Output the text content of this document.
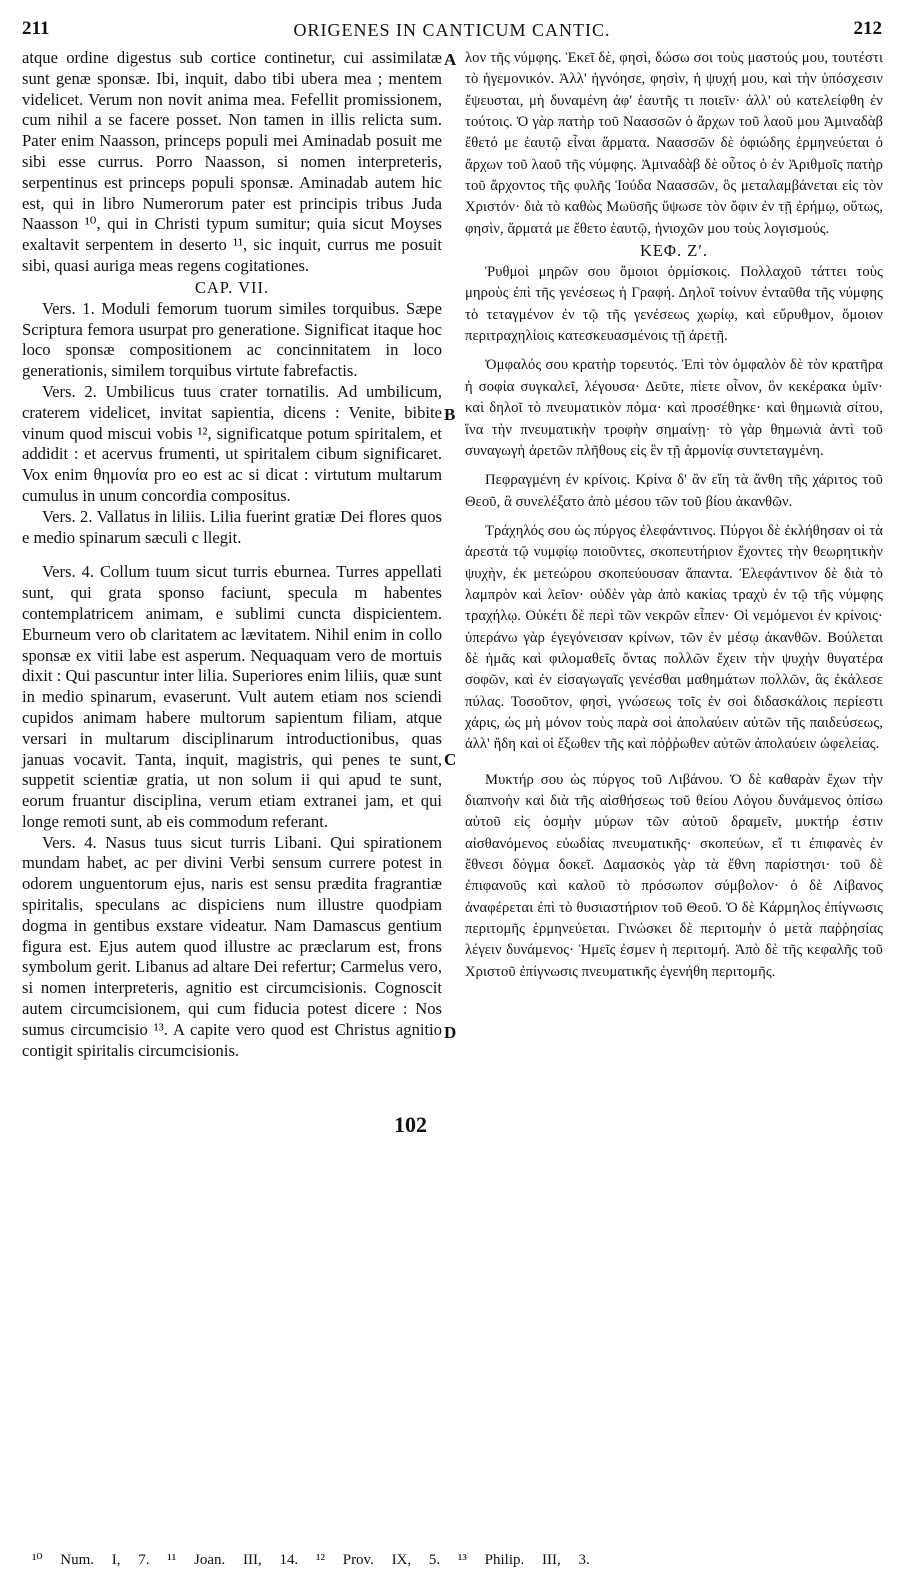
211	ORIGENES IN CANTICUM CANTIC.	212

atque ordine digestus sub cortice continetur, cui assimilatæ sunt genæ sponsæ. Ibi, inquit, dabo tibi ubera mea ; mentem videlicet. Verum non novit anima mea. Fefellit promissionem, cum nihil a se facere posset. Non tamen in illis relicta sum. Pater enim Naasson, princeps populi mei Aminadab posuit me sibi esse currus. Porro Naasson, si nomen interpreteris, serpentinus est princeps populi sponsæ. Aminadab autem hic est, qui in libro Numerorum pater est principis tribus Juda Naasson ¹⁰, qui in Christi typum sumitur; quia sicut Moyses exaltavit serpentem in deserto ¹¹, sic inquit, currus me posuit sibi, quasi auriga meas regens cogitationes.

CAP. VII.

Vers. 1. Moduli femorum tuorum similes torquibus. Sæpe Scriptura femora usurpat pro generatione. Significat itaque hoc loco sponsæ compositionem ac concinnitatem in loco generationis, similem torquibus virtute fabrefactis.

Vers. 2. Umbilicus tuus crater tornatilis. Ad umbilicum, craterem videlicet, invitat sapientia, dicens : Venite, bibite vinum quod miscui vobis ¹², significatque potum spiritalem, et addidit : et acervus frumenti, ut spiritalem cibum significaret. Vox enim θημονία pro eo est ac si dicat : virtutum multarum cumulus in unum concordia compositus.

Vers. 2. Vallatus in liliis. Lilia fuerint gratiæ Dei flores quos e medio spinarum sæculi c llegit.

Vers. 4. Collum tuum sicut turris eburnea. Turres appellati sunt, qui grata sponso faciunt, specula m habentes contemplatricem animam, e sublimi cuncta dispicientem. Eburneum vero ob claritatem ac lævitatem. Nihil enim in collo sponsæ ex vitii labe est asperum. Nequaquam vero de mortuis dixit : Qui pascuntur inter lilia. Superiores enim liliis, quæ sunt in medio spinarum, evaserunt. Vult autem etiam nos sciendi cupidos animam habere multorum sapientum filiam, atque versari in multarum disciplinarum introductionibus, quas januas vocavit. Tanta, inquit, magistris, qui penes te sunt, suppetit scientiæ gratia, ut non solum ii qui apud te sunt, eorum fruantur disciplina, verum etiam extranei jam, et qui longe remoti sunt, ab eis commodum referant.

Vers. 4. Nasus tuus sicut turris Libani. Qui spirationem mundam habet, ac per divini Verbi sensum currere potest in odorem unguentorum ejus, naris est sensu prædita fragrantiæ spiritalis, speculans ac dispiciens num illustre quodpiam dogma in gentibus exstare videatur. Nam Damascus gentium figura est. Ejus autem quod illustre ac præclarum est, frons symbolum gerit. Libanus ad altare Dei refertur; Carmelus vero, si nomen interpreteris, agnitio est circumcisionis. Cognoscit autem circumcisionem, qui cum fiducia potest dicere : Nos sumus circumcisio ¹³. A capite vero quod est Christus agnitio contigit spiritalis circumcisionis.

A
B
C
D

λον τῆς νύμφης. Ἐκεῖ δὲ, φησὶ, δώσω σοι τοὺς μαστούς μου, τουτέστι τὸ ἡγεμονικόν. Ἀλλ' ἠγνόησε, φησὶν, ἡ ψυχή μου, καὶ τὴν ὑπόσχεσιν ἔψευσται, μὴ δυναμένη ἀφ' ἑαυτῆς τι ποιεῖν· ἀλλ' οὐ κατελείφθη ἐν τούτοις. Ὁ γὰρ πατὴρ τοῦ Ναασσῶν ὁ ἄρχων τοῦ λαοῦ μου Ἀμιναδὰβ ἔθετό με ἑαυτῷ εἶναι ἅρματα. Ναασσῶν δὲ ὀφιώδης ἑρμηνεύεται ὁ ἄρχων τοῦ λαοῦ τῆς νύμφης. Ἀμιναδὰβ δὲ οὗτος ὁ ἐν Ἀριθμοῖς πατὴρ τοῦ ἄρχοντος τῆς φυλῆς Ἰούδα Ναασσῶν, ὃς μεταλαμβάνεται εἰς τὸν Χριστόν· διὰ τὸ καθὼς Μωϋσῆς ὕψωσε τὸν ὄφιν ἐν τῇ ἐρήμῳ, οὕτως, φησὶν, ἅρματά με ἔθετο ἑαυτῷ, ἡνιοχῶν μου τοὺς λογισμούς.

ΚΕΦ. Ζʹ.

Ῥυθμοὶ μηρῶν σου ὅμοιοι ὁρμίσκοις. Πολλαχοῦ τάττει τοὺς μηροὺς ἐπὶ τῆς γενέσεως ἡ Γραφή. Δηλοῖ τοίνυν ἐνταῦθα τῆς νύμφης τὸ τεταγμένον ἐν τῷ τῆς γενέσεως χωρίῳ, καὶ εὔρυθμον, ὅμοιον περιτραχηλίοις κατεσκευασμένοις τῇ ἀρετῇ.

Ὀμφαλός σου κρατὴρ τορευτός. Ἐπὶ τὸν ὀμφαλὸν δὲ τὸν κρατῆρα ἡ σοφία συγκαλεῖ, λέγουσα· Δεῦτε, πίετε οἶνον, ὃν κεκέρακα ὑμῖν· καὶ δηλοῖ τὸ πνευματικὸν πόμα· καὶ προσέθηκε· καὶ θημωνιὰ σίτου, ἵνα τὴν πνευματικὴν τροφὴν σημαίνῃ· τὸ γὰρ θημωνιὰ ἀντὶ τοῦ συναγωγὴ ἀρετῶν πλῆθους εἰς ἓν τῇ ἁρμονίᾳ συντεταγμένη.

Πεφραγμένη ἐν κρίνοις. Κρίνα δ' ἂν εἴη τὰ ἄνθη τῆς χάριτος τοῦ Θεοῦ, ἃ συνελέξατο ἀπὸ μέσου τῶν τοῦ βίου ἀκανθῶν.

Τράχηλός σου ὡς πύργος ἐλεφάντινος. Πύργοι δὲ ἐκλήθησαν οἱ τὰ ἀρεστὰ τῷ νυμφίῳ ποιοῦντες, σκοπευτήριον ἔχοντες τὴν θεωρητικὴν ψυχὴν, ἐκ μετεώρου σκοπεύουσαν ἅπαντα. Ἐλεφάντινον δὲ διὰ τὸ λαμπρὸν καὶ λεῖον· οὐδὲν γὰρ ἀπὸ κακίας τραχὺ ἐν τῷ τῆς νύμφης τραχήλῳ. Οὐκέτι δὲ περὶ τῶν νεκρῶν εἶπεν· Οἱ νεμόμενοι ἐν κρίνοις· ὑπεράνω γὰρ ἐγεγόνεισαν κρίνων, τῶν ἐν μέσῳ ἀκανθῶν. Βούλεται δὲ ἡμᾶς καὶ φιλομαθεῖς ὄντας πολλῶν ἔχειν τὴν ψυχὴν θυγατέρα σοφῶν, καὶ ἐν εἰσαγωγαῖς γενέσθαι μαθημάτων πολλῶν, ἃς ἐκάλεσε πύλας. Τοσοῦτον, φησὶ, γνώσεως τοῖς ἐν σοὶ διδασκάλοις περίεστι χάρις, ὡς μὴ μόνον τοὺς παρὰ σοὶ ἀπολαύειν αὐτῶν τῆς παιδεύσεως, ἀλλ' ἤδη καὶ οἱ ἔξωθεν τῆς καὶ πόῤῥωθεν αὐτῶν ἀπολαύειν ὠφελείας.

Μυκτήρ σου ὡς πύργος τοῦ Λιβάνου. Ὁ δὲ καθαρὰν ἔχων τὴν διαπνοὴν καὶ διὰ τῆς αἰσθήσεως τοῦ θείου Λόγου δυνάμενος ὀπίσω αὐτοῦ εἰς ὀσμὴν μύρων τῶν αὐτοῦ δραμεῖν, μυκτήρ ἐστιν αἰσθανόμενος εὐωδίας πνευματικῆς· σκοπεύων, εἴ τι ἐπιφανὲς ἐν ἔθνεσι δόγμα δοκεῖ. Δαμασκὸς γὰρ τὰ ἔθνη παρίστησι· τοῦ δὲ ἐπιφανοῦς καὶ καλοῦ τὸ πρόσωπον σύμβολον· ὁ δὲ Λίβανος ἀναφέρεται ἐπὶ τὸ θυσιαστήριον τοῦ Θεοῦ. Ὁ δὲ Κάρμηλος ἐπίγνωσις περιτομῆς ἑρμηνεύεται. Γινώσκει δὲ περιτομὴν ὁ μετὰ παῤῥησίας λέγειν δυνάμενος· Ἡμεῖς ἐσμεν ἡ περιτομή. Ἀπὸ δὲ τῆς κεφαλῆς τοῦ Χριστοῦ ἐπίγνωσις πνευματικῆς ἐγενήθη περιτομῆς.

102
¹⁰ Num. I, 7. ¹¹ Joan. III, 14. ¹² Prov. IX, 5. ¹³ Philip. III, 3.
